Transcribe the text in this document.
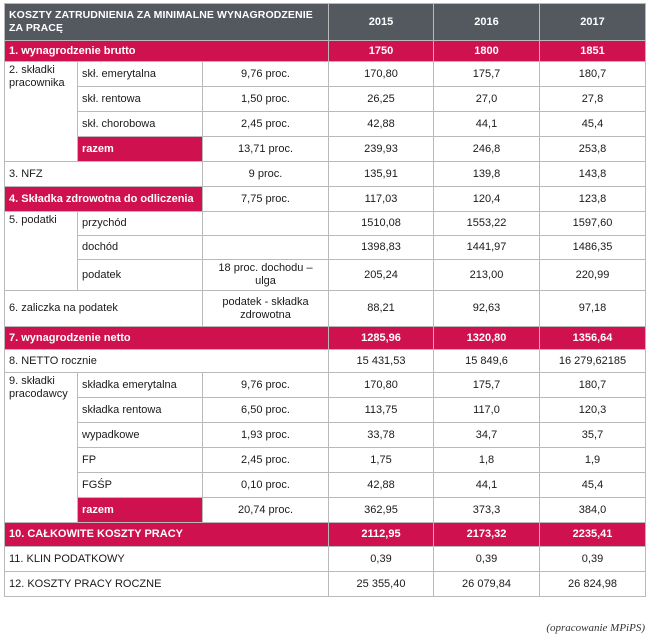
KOSZTY ZATRUDNIENIA ZA MINIMALNE WYNAGRODZENIE ZA PRACĘ			2015	2016	2017
1. wynagrodzenie brutto			1750	1800	1851
2. składki pracownika	skł. emerytalna	9,76 proc.	170,80	175,7	180,7
	skł. rentowa	1,50 proc.	26,25	27,0	27,8
	skł. chorobowa	2,45 proc.	42,88	44,1	45,4
	razem	13,71 proc.	239,93	246,8	253,8
3. NFZ		9 proc.	135,91	139,8	143,8
4. Składka zdrowotna do odliczenia		7,75 proc.	117,03	120,4	123,8
5. podatki	przychód		1510,08	1553,22	1597,60
	dochód		1398,83	1441,97	1486,35
	podatek	18 proc. dochodu – ulga	205,24	213,00	220,99
6. zaliczka na podatek		podatek - składka zdrowotna	88,21	92,63	97,18
7. wynagrodzenie netto			1285,96	1320,80	1356,64
8. NETTO rocznie			15 431,53	15 849,6	16 279,62185
9. składki pracodawcy	składka emerytalna	9,76 proc.	170,80	175,7	180,7
	składka rentowa	6,50 proc.	113,75	117,0	120,3
	wypadkowe	1,93 proc.	33,78	34,7	35,7
	FP	2,45 proc.	1,75	1,8	1,9
	FGŚP	0,10 proc.	42,88	44,1	45,4
	razem	20,74 proc.	362,95	373,3	384,0
10. CAŁKOWITE KOSZTY PRACY			2112,95	2173,32	2235,41
11. KLIN PODATKOWY			0,39	0,39	0,39
12. KOSZTY PRACY ROCZNE			25 355,40	26 079,84	26 824,98
(opracowanie MPiPS)
